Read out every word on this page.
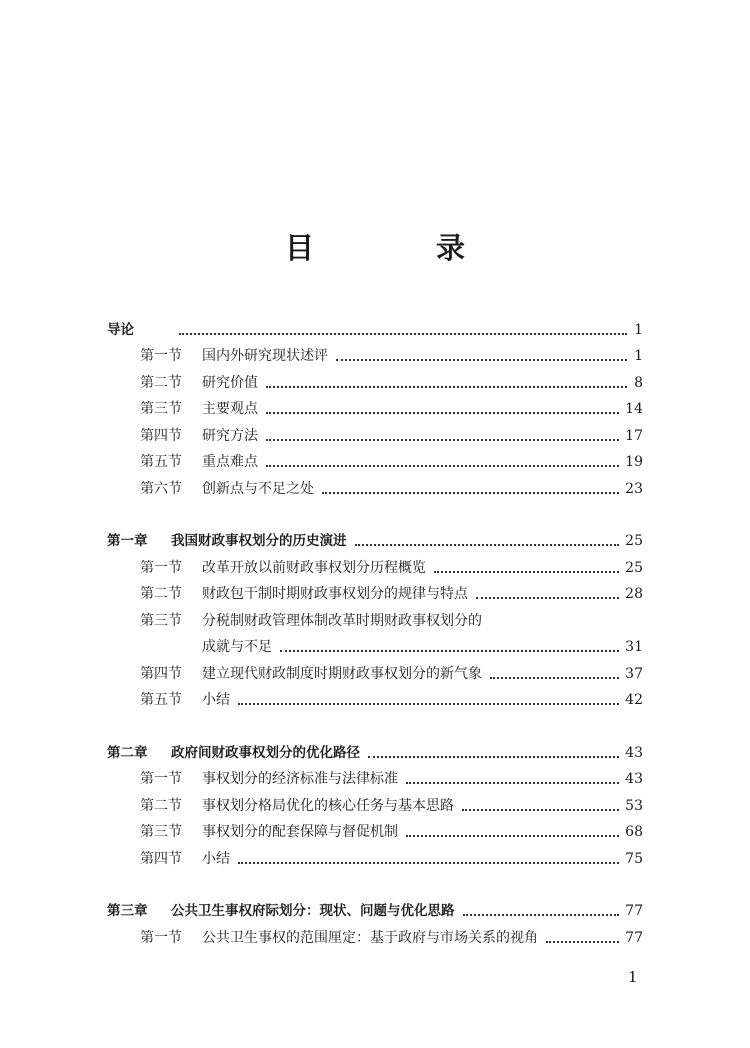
目 录
导论	1
第一节	国内外研究现状述评	1
第二节	研究价值	8
第三节	主要观点	14
第四节	研究方法	17
第五节	重点难点	19
第六节	创新点与不足之处	23
第一章	我国财政事权划分的历史演进	25
第一节	改革开放以前财政事权划分历程概览	25
第二节	财政包干制时期财政事权划分的规律与特点	28
第三节	分税制财政管理体制改革时期财政事权划分的
成就与不足	31
第四节	建立现代财政制度时期财政事权划分的新气象	37
第五节	小结	42
第二章	政府间财政事权划分的优化路径	43
第一节	事权划分的经济标准与法律标准	43
第二节	事权划分格局优化的核心任务与基本思路	53
第三节	事权划分的配套保障与督促机制	68
第四节	小结	75
第三章	公共卫生事权府际划分：现状、问题与优化思路	77
第一节	公共卫生事权的范围厘定：基于政府与市场关系的视角	77
1
